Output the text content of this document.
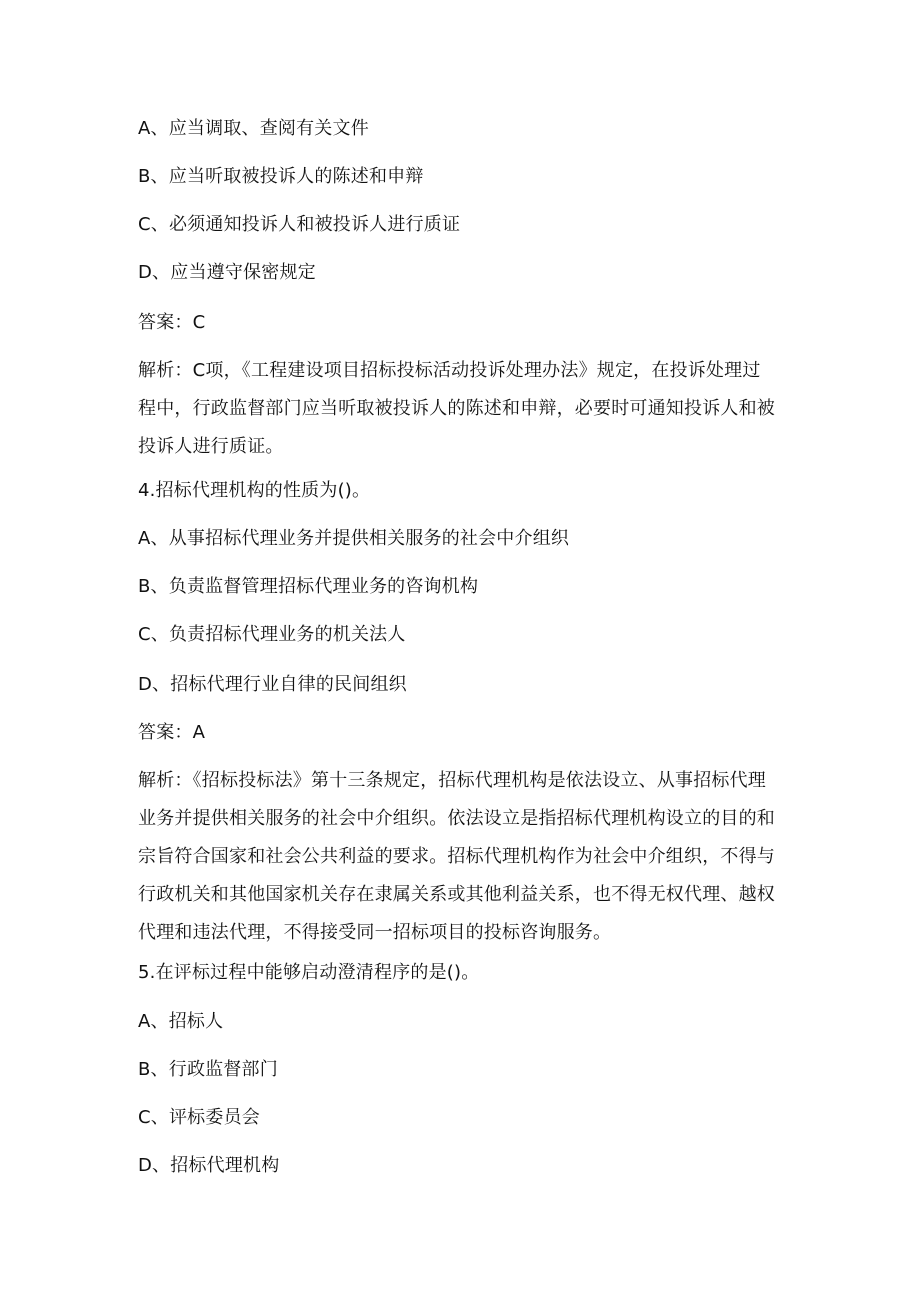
A、应当调取、查阅有关文件
B、应当听取被投诉人的陈述和申辩
C、必须通知投诉人和被投诉人进行质证
D、应当遵守保密规定
答案：C
解析：C项，《工程建设项目招标投标活动投诉处理办法》规定，在投诉处理过
程中，行政监督部门应当听取被投诉人的陈述和申辩，必要时可通知投诉人和被
投诉人进行质证。
4.招标代理机构的性质为()。
A、从事招标代理业务并提供相关服务的社会中介组织
B、负责监督管理招标代理业务的咨询机构
C、负责招标代理业务的机关法人
D、招标代理行业自律的民间组织
答案：A
解析：《招标投标法》第十三条规定，招标代理机构是依法设立、从事招标代理
业务并提供相关服务的社会中介组织。依法设立是指招标代理机构设立的目的和
宗旨符合国家和社会公共利益的要求。招标代理机构作为社会中介组织，不得与
行政机关和其他国家机关存在隶属关系或其他利益关系，也不得无权代理、越权
代理和违法代理，不得接受同一招标项目的投标咨询服务。
5.在评标过程中能够启动澄清程序的是()。
A、招标人
B、行政监督部门
C、评标委员会
D、招标代理机构
